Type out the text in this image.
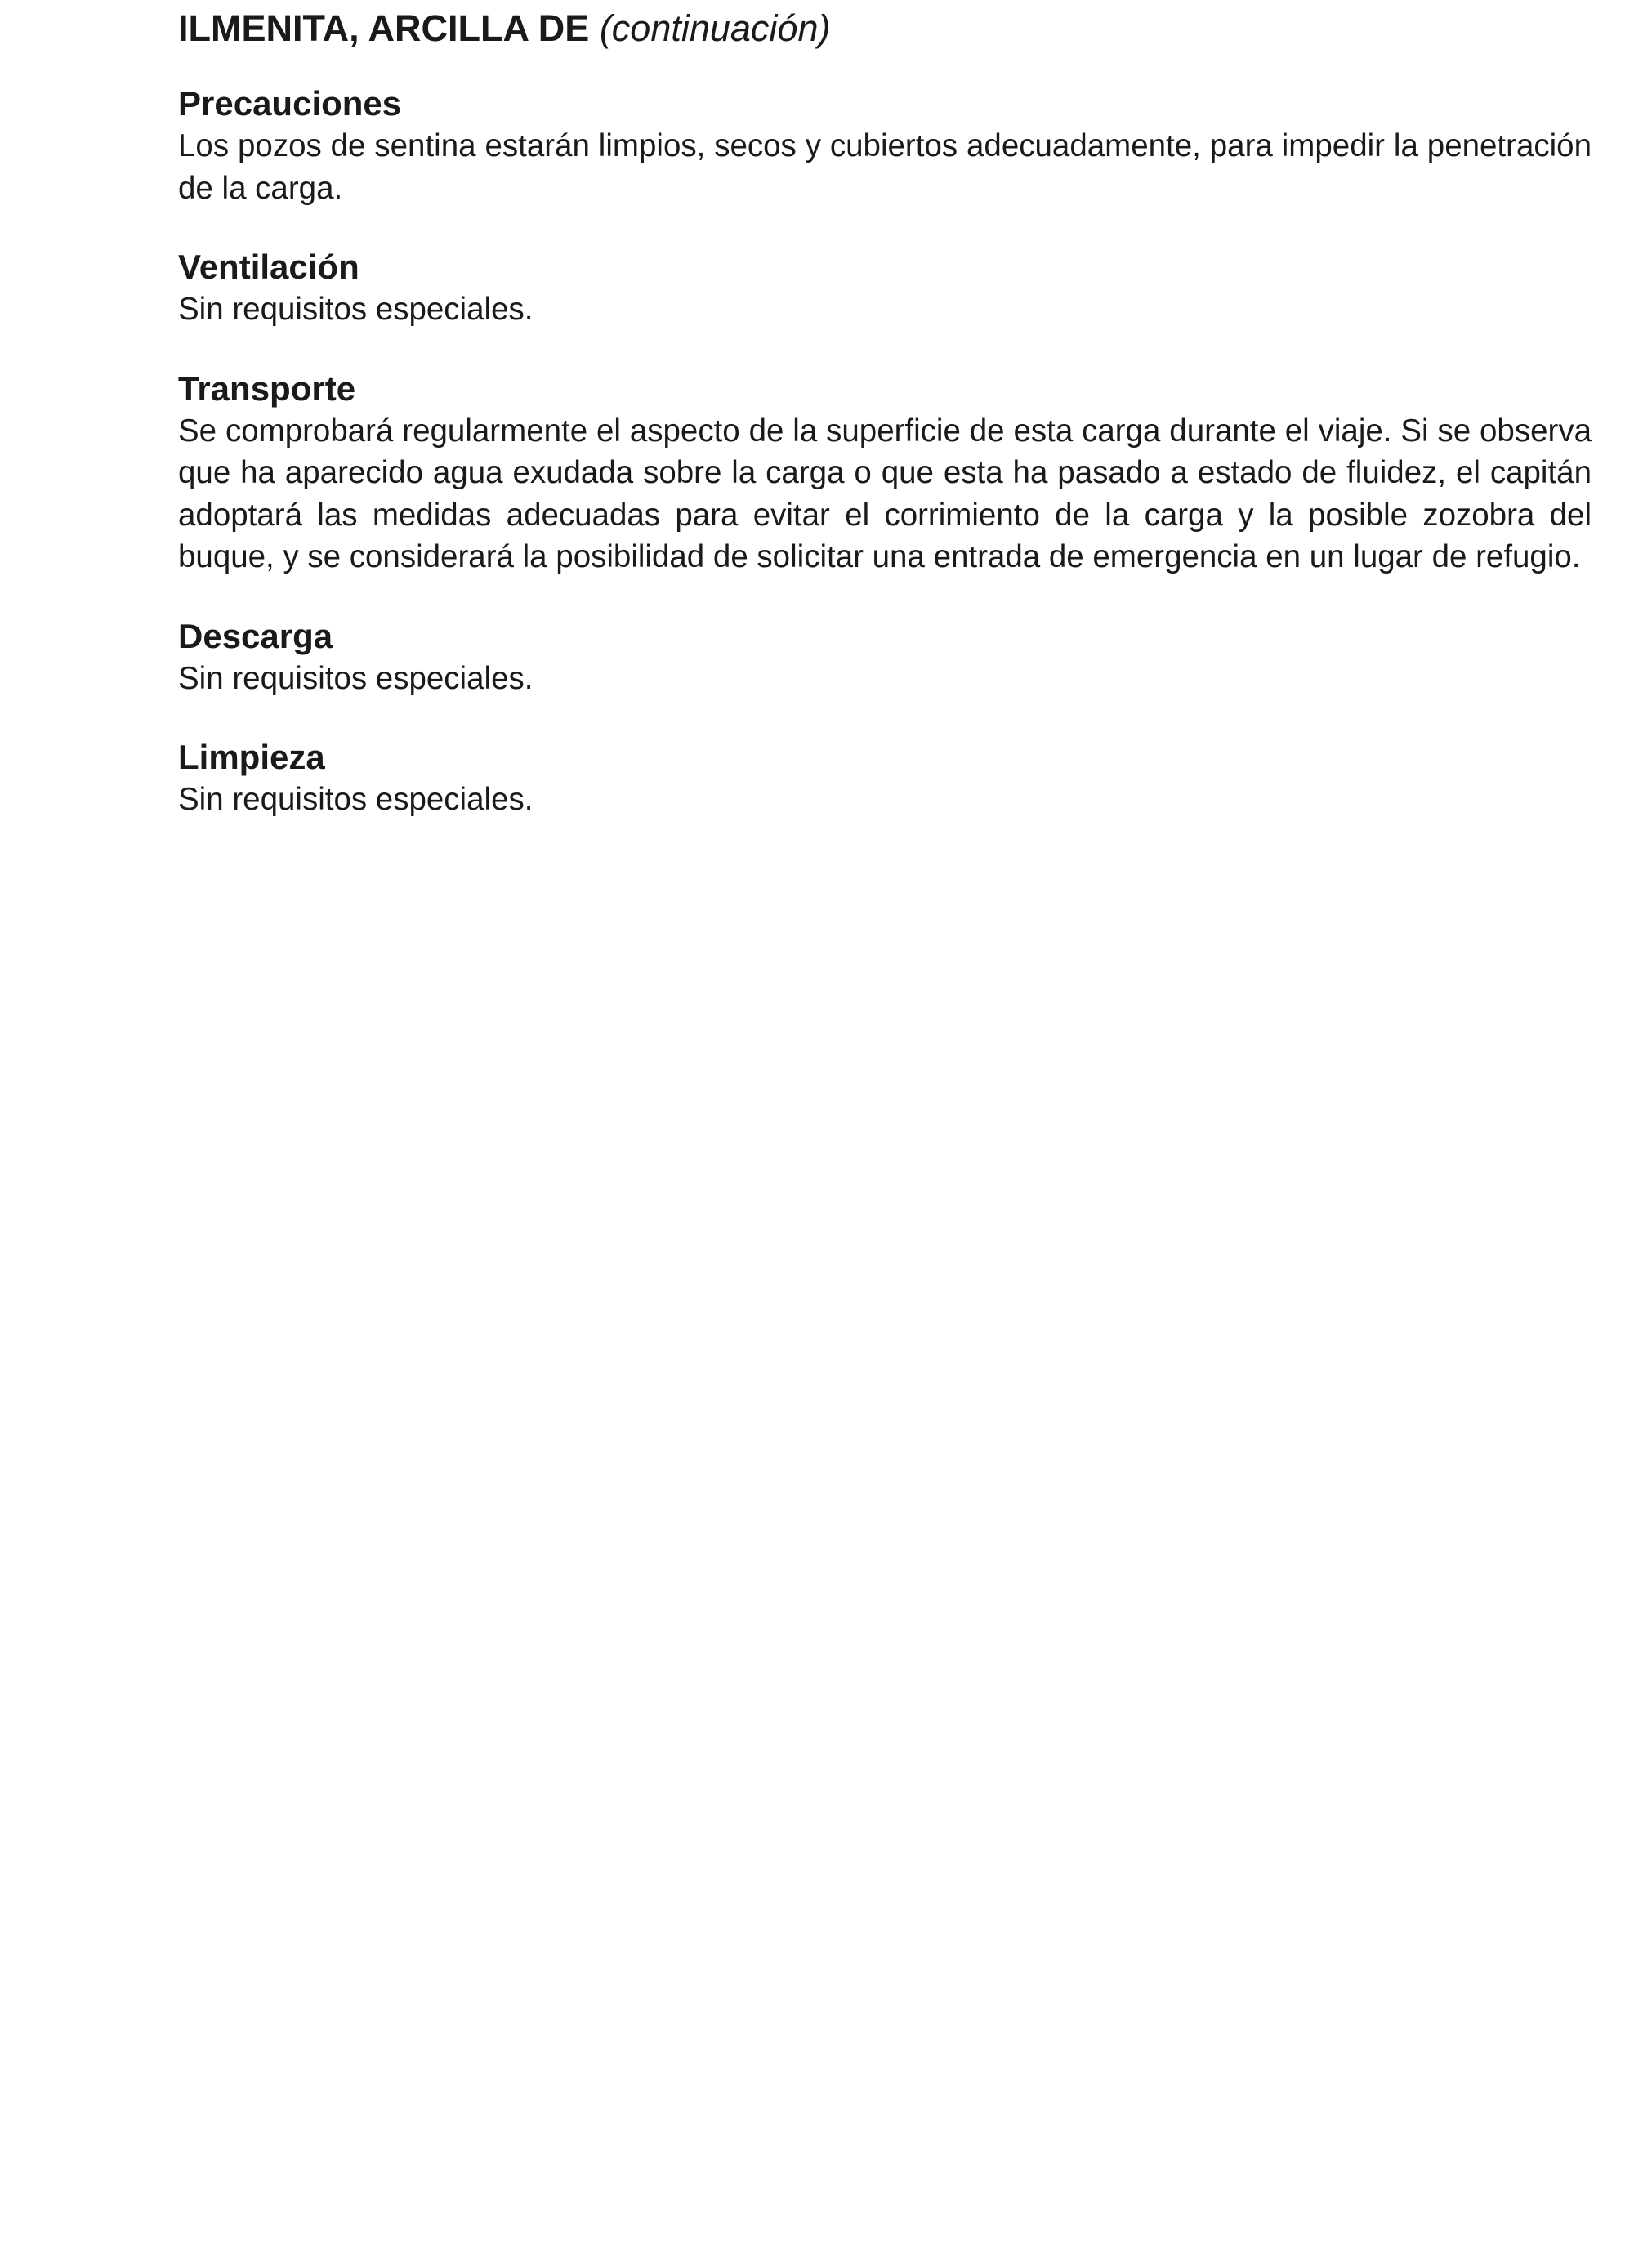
ILMENITA, ARCILLA DE (continuación)
Precauciones

Los pozos de sentina estarán limpios, secos y cubiertos adecuadamente, para impedir la penetración de la carga.

Ventilación

Sin requisitos especiales.

Transporte

Se comprobará regularmente el aspecto de la superficie de esta carga durante el viaje. Si se observa que ha aparecido agua exudada sobre la carga o que esta ha pasado a estado de fluidez, el capitán adoptará las medidas adecuadas para evitar el corrimiento de la carga y la posible zozobra del buque, y se considerará la posibilidad de solicitar una entrada de emergencia en un lugar de refugio.

Descarga

Sin requisitos especiales.

Limpieza

Sin requisitos especiales.
